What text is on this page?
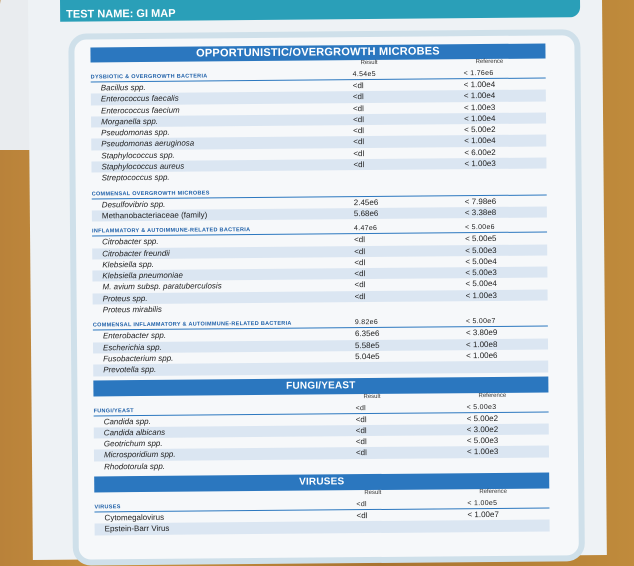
TEST NAME: GI MAP
OPPORTUNISTIC/OVERGROWTH MICROBES
Result	Reference
DYSBIOTIC & OVERGROWTH BACTERIA	4.54e5	< 1.76e6
Bacillus spp.	<dl	< 1.00e4
Enterococcus faecalis	<dl	< 1.00e4
Enterococcus faecium	<dl	< 1.00e3
Morganella spp.	<dl	< 1.00e4
Pseudomonas spp.	<dl	< 5.00e2
Pseudomonas aeruginosa	<dl	< 1.00e4
Staphylococcus spp.	<dl	< 6.00e2
Staphylococcus aureus	<dl	< 1.00e3
Streptococcus spp.
COMMENSAL OVERGROWTH MICROBES
Desulfovibrio spp.	2.45e6	< 7.98e6
Methanobacteriaceae (family)	5.68e6	< 3.38e8
INFLAMMATORY & AUTOIMMUNE-RELATED BACTERIA	4.47e6	< 5.00e6
Citrobacter spp.	<dl	< 5.00e5
Citrobacter freundii	<dl	< 5.00e3
Klebsiella spp.	<dl	< 5.00e4
Klebsiella pneumoniae	<dl	< 5.00e3
M. avium subsp. paratuberculosis	<dl	< 5.00e4
Proteus spp.	<dl	< 1.00e3
Proteus mirabilis
COMMENSAL INFLAMMATORY & AUTOIMMUNE-RELATED BACTERIA	9.82e6	< 5.00e7
Enterobacter spp.	6.35e6	< 3.80e9
Escherichia spp.	5.58e5	< 1.00e8
Fusobacterium spp.	5.04e5	< 1.00e6
Prevotella spp.
FUNGI/YEAST
Result	Reference
FUNGI/YEAST	<dl	< 5.00e3
Candida spp.	<dl	< 5.00e2
Candida albicans	<dl	< 3.00e2
Geotrichum spp.	<dl	< 5.00e3
Microsporidium spp.	<dl	< 1.00e3
Rhodotorula spp.
VIRUSES
Result	Reference
VIRUSES	<dl	< 1.00e5
Cytomegalovirus	<dl	< 1.00e7
Epstein-Barr Virus
